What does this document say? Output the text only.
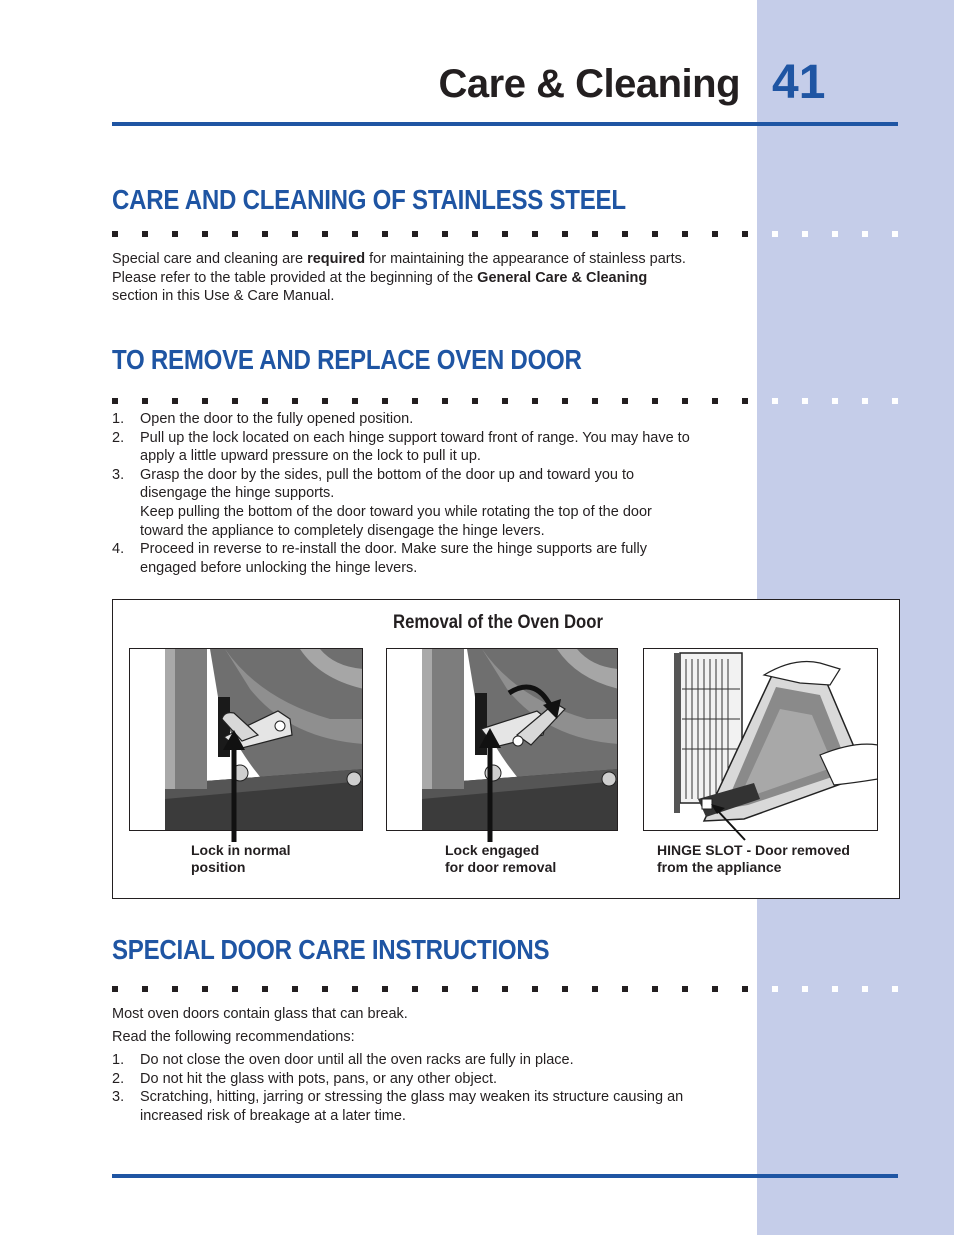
Care & Cleaning 41
CARE AND CLEANING OF STAINLESS STEEL
Special care and cleaning are required for maintaining the appearance of stainless parts.
Please refer to the table provided at the beginning of the General Care & Cleaning
section in this Use & Care Manual.
TO REMOVE AND REPLACE OVEN DOOR
1. Open the door to the fully opened position.
2. Pull up the lock located on each hinge support toward front of range. You may have to
apply a little upward pressure on the lock to pull it up.
3. Grasp the door by the sides, pull the bottom of the door up and toward you to
disengage the hinge supports.
Keep pulling the bottom of the door toward you while rotating the top of the door
toward the appliance to completely disengage the hinge levers.
4. Proceed in reverse to re-install the door. Make sure the hinge supports are fully
engaged before unlocking the hinge levers.
Removal of the Oven Door
Lock in normal
position
Lock engaged
for door removal
HINGE SLOT - Door removed
from the appliance
SPECIAL DOOR CARE INSTRUCTIONS
Most oven doors contain glass that can break.
Read the following recommendations:
1. Do not close the oven door until all the oven racks are fully in place.
2. Do not hit the glass with pots, pans, or any other object.
3. Scratching, hitting, jarring or stressing the glass may weaken its structure causing an
increased risk of breakage at a later time.
